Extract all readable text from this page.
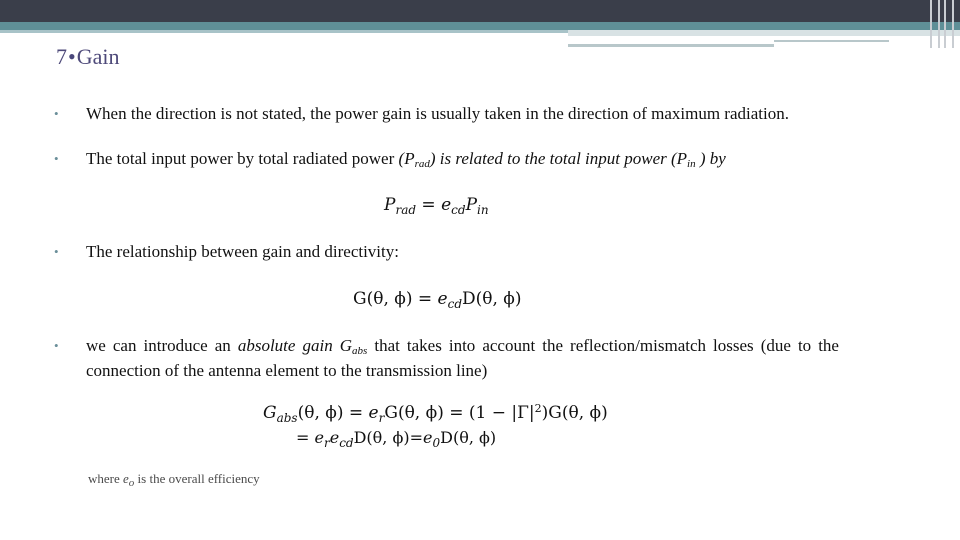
7•Gain
• When the direction is not stated, the power gain is usually taken in the direction of maximum radiation.
• The total input power by total radiated power $(P_{rad})$ is related to the total input power ($P_{in}$ ) by
$P_{rad} = e_{cd}P_{in}$
• The relationship between gain and directivity:
G(θ, $\phi) = e_{cd}D(\theta$, ϕ)
• we can introduce an absolute gain $G_{abs}$ that takes into account the reflection/mismatch losses (due to the connection of the antenna element to the transmission line)
$G_{abs}(\theta$, $\phi) = e_rG(\theta$, $\phi) = (1 - |\Gamma|^2)G(\theta$, ϕ)
= $e_re_{cd}D(\theta$, $\phi)=e_0D(\theta$, ϕ)
where $e_o$ is the overall efficiency
